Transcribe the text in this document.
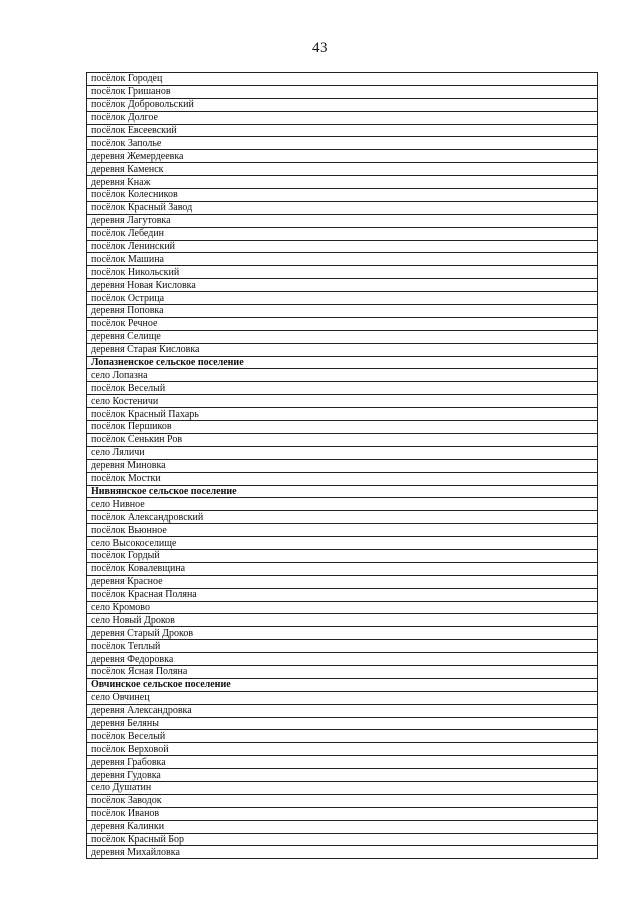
43
посёлок Городец
посёлок Гришанов
посёлок Добровольский
посёлок Долгое
посёлок Евсеевский
посёлок Заполье
деревня Жемердеевка
деревня Каменск
деревня Кнаж
посёлок Колесников
посёлок Красный Завод
деревня Лагутовка
посёлок Лебедин
посёлок Ленинский
посёлок Машина
посёлок Никольский
деревня Новая Кисловка
посёлок Острица
деревня Поповка
посёлок Речное
деревня Селище
деревня Старая Кисловка
Лопазненское сельское поселение
село Лопазна
посёлок Веселый
село Костеничи
посёлок Красный Пахарь
посёлок Першиков
посёлок Сенькин Ров
село Ляличи
деревня Миновка
посёлок Мостки
Нивнянское сельское поселение
село Нивное
посёлок Александровский
посёлок Вьюнное
село Высокоселище
посёлок Гордый
посёлок Ковалевщина
деревня Красное
посёлок Красная Поляна
село Кромово
село Новый Дроков
деревня Старый Дроков
посёлок Теплый
деревня Федоровка
посёлок Ясная Поляна
Овчинское сельское поселение
село Овчинец
деревня Александровка
деревня Беляны
посёлок Веселый
посёлок Верховой
деревня Грабовка
деревня Гудовка
село Душатин
посёлок Заводок
посёлок Иванов
деревня Калинки
посёлок Красный Бор
деревня Михайловка
